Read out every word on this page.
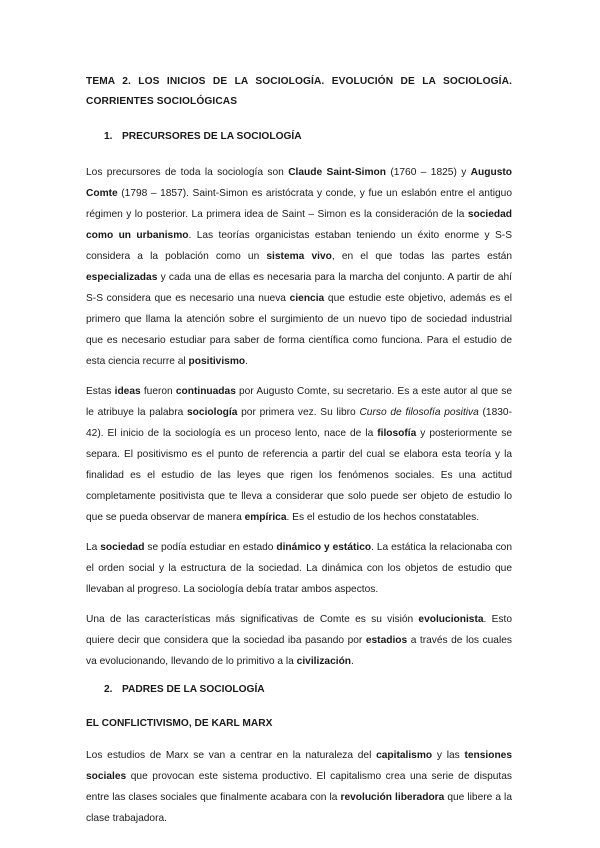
TEMA 2. LOS INICIOS DE LA SOCIOLOGÍA. EVOLUCIÓN DE LA SOCIOLOGÍA. CORRIENTES SOCIOLÓGICAS
1. PRECURSORES DE LA SOCIOLOGÍA

Los precursores de toda la sociología son Claude Saint-Simon (1760 – 1825) y Augusto Comte (1798 – 1857). Saint-Simon es aristócrata y conde, y fue un eslabón entre el antiguo régimen y lo posterior. La primera idea de Saint – Simon es la consideración de la sociedad como un urbanismo. Las teorías organicistas estaban teniendo un éxito enorme y S-S considera a la población como un sistema vivo, en el que todas las partes están especializadas y cada una de ellas es necesaria para la marcha del conjunto. A partir de ahí S-S considera que es necesario una nueva ciencia que estudie este objetivo, además es el primero que llama la atención sobre el surgimiento de un nuevo tipo de sociedad industrial que es necesario estudiar para saber de forma científica como funciona. Para el estudio de esta ciencia recurre al positivismo.

Estas ideas fueron continuadas por Augusto Comte, su secretario. Es a este autor al que se le atribuye la palabra sociología por primera vez. Su libro Curso de filosofía positiva (1830-42). El inicio de la sociología es un proceso lento, nace de la filosofía y posteriormente se separa. El positivismo es el punto de referencia a partir del cual se elabora esta teoría y la finalidad es el estudio de las leyes que rigen los fenómenos sociales. Es una actitud completamente positivista que te lleva a considerar que solo puede ser objeto de estudio lo que se pueda observar de manera empírica. Es el estudio de los hechos constatables.

La sociedad se podía estudiar en estado dinámico y estático. La estática la relacionaba con el orden social y la estructura de la sociedad. La dinámica con los objetos de estudio que llevaban al progreso. La sociología debía tratar ambos aspectos.

Una de las características más significativas de Comte es su visión evolucionista. Esto quiere decir que considera que la sociedad iba pasando por estadios a través de los cuales va evolucionando, llevando de lo primitivo a la civilización.

2. PADRES DE LA SOCIOLOGÍA
EL CONFLICTIVISMO, DE KARL MARX

Los estudios de Marx se van a centrar en la naturaleza del capitalismo y las tensiones sociales que provocan este sistema productivo. El capitalismo crea una serie de disputas entre las clases sociales que finalmente acabara con la revolución liberadora que libere a la clase trabajadora.
